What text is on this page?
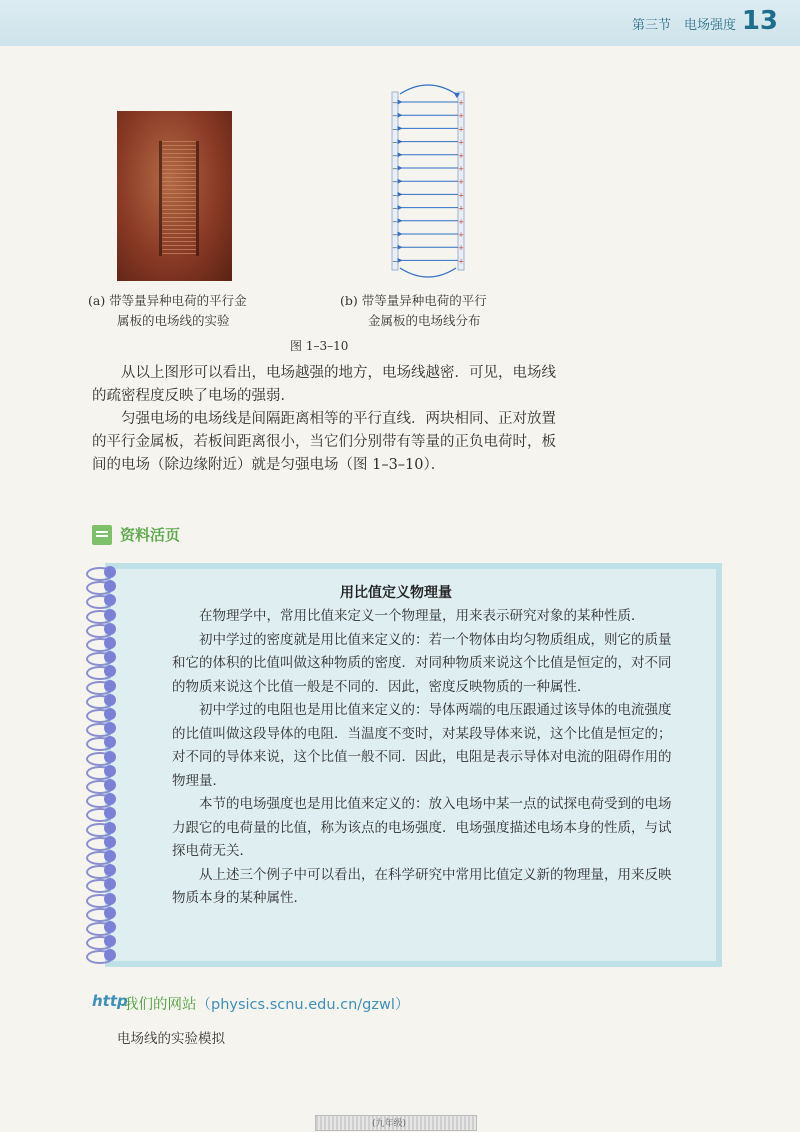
第三节　电场强度 13
−	+
−	+
−	+
−	+
−	+
−	+
−	+
−	+
−	+
−	+
−	+
−	+
−	+
(a) 带等量异种电荷的平行金
属板的电场线的实验
(b) 带等量异种电荷的平行
金属板的电场线分布
图 1–3–10

从以上图形可以看出，电场越强的地方，电场线越密．可见，电场线的疏密程度反映了电场的强弱．

匀强电场的电场线是间隔距离相等的平行直线．两块相同、正对放置的平行金属板，若板间距离很小，当它们分别带有等量的正负电荷时，板间的电场（除边缘附近）就是匀强电场（图 1–3–10）．

资料活页
用比值定义物理量

在物理学中，常用比值来定义一个物理量，用来表示研究对象的某种性质．

初中学过的密度就是用比值来定义的：若一个物体由均匀物质组成，则它的质量和它的体积的比值叫做这种物质的密度．对同种物质来说这个比值是恒定的，对不同的物质来说这个比值一般是不同的．因此，密度反映物质的一种属性．

初中学过的电阻也是用比值来定义的：导体两端的电压跟通过该导体的电流强度的比值叫做这段导体的电阻．当温度不变时，对某段导体来说，这个比值是恒定的；对不同的导体来说，这个比值一般不同．因此，电阻是表示导体对电流的阻碍作用的物理量．

本节的电场强度也是用比值来定义的：放入电场中某一点的试探电荷受到的电场力跟它的电荷量的比值，称为该点的电场强度．电场强度描述电场本身的性质，与试探电荷无关．

从上述三个例子中可以看出，在科学研究中常用比值定义新的物理量，用来反映物质本身的某种属性．

http
我们的网站（physics.scnu.edu.cn/gzwl）
电场线的实验模拟
(九年级)
